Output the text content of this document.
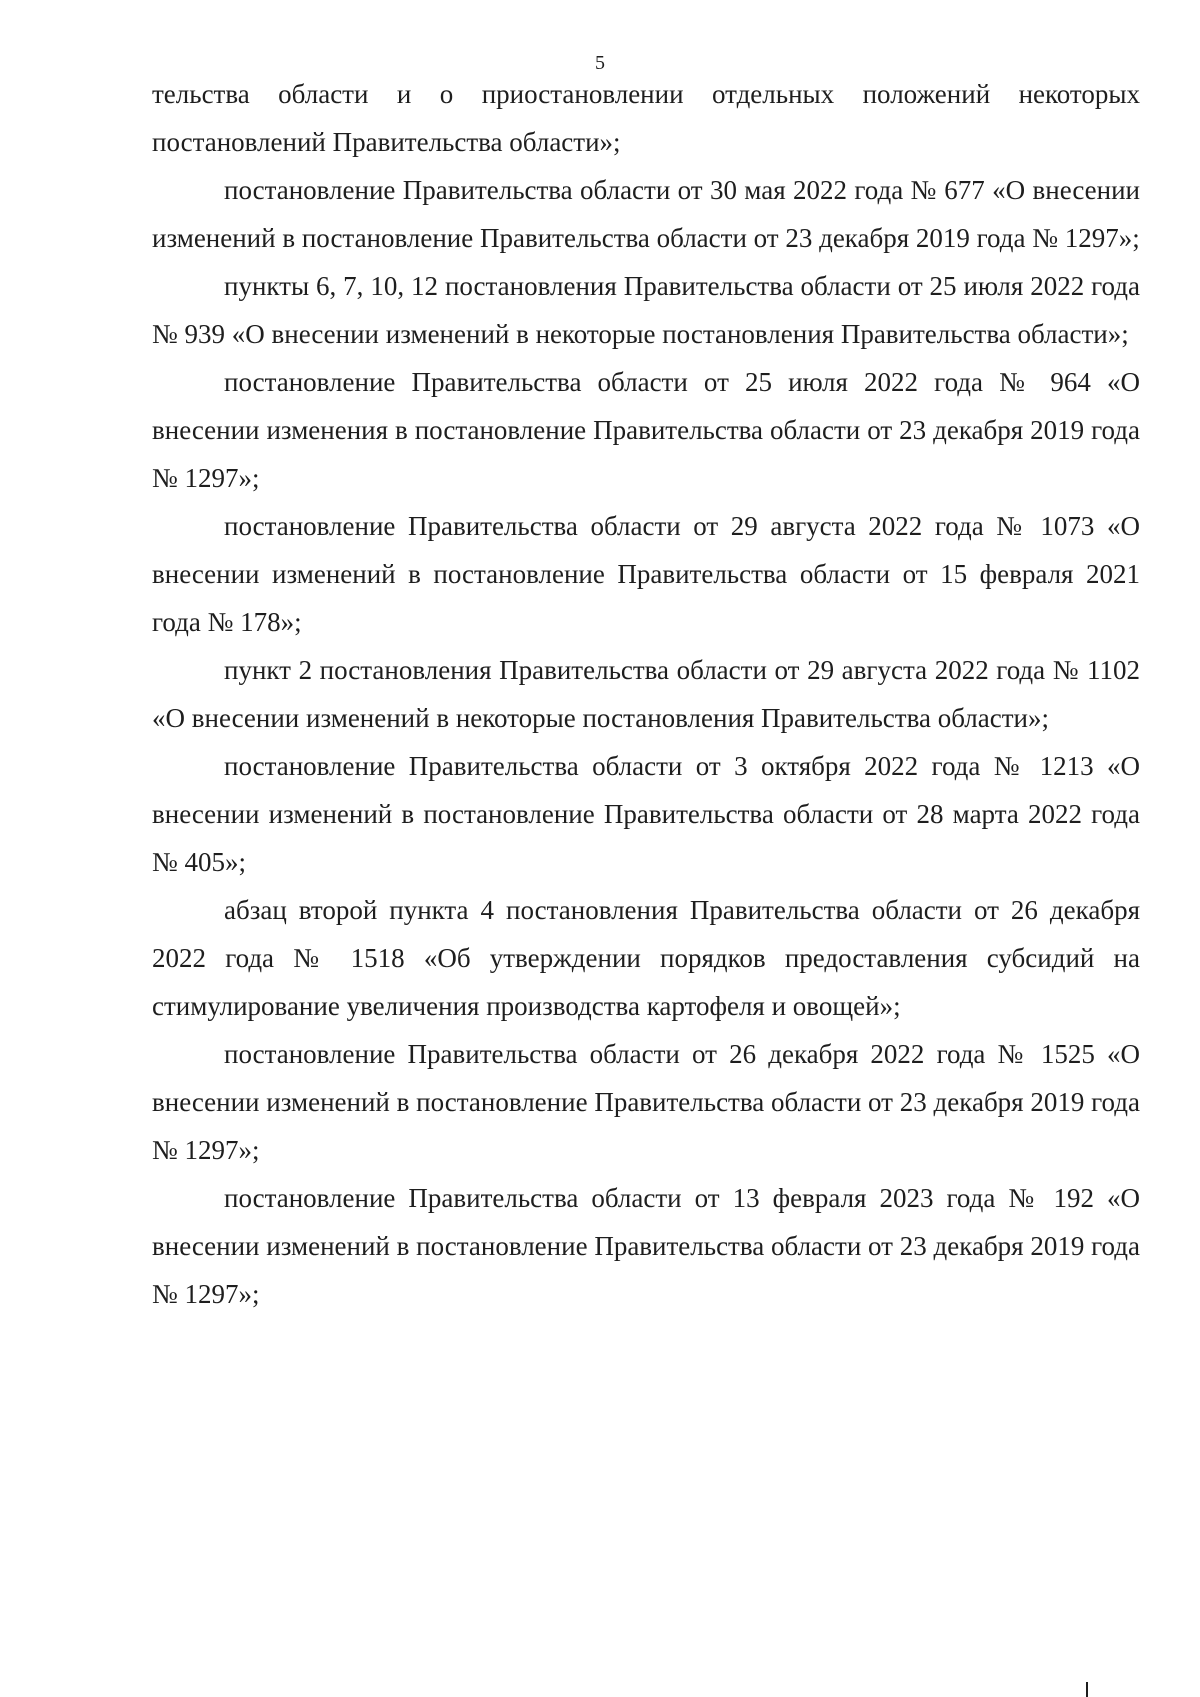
5

тельства области и о приостановлении отдельных положений некоторых постановлений Правительства области»;

постановление Правительства области от 30 мая 2022 года № 677 «О внесении изменений в постановление Правительства области от 23 декабря 2019 года № 1297»;

пункты 6, 7, 10, 12 постановления Правительства области от 25 июля 2022 года № 939 «О внесении изменений в некоторые постановления Правительства области»;

постановление Правительства области от 25 июля 2022 года № 964 «О внесении изменения в постановление Правительства области от 23 декабря 2019 года № 1297»;

постановление Правительства области от 29 августа 2022 года № 1073 «О внесении изменений в постановление Правительства области от 15 февраля 2021 года № 178»;

пункт 2 постановления Правительства области от 29 августа 2022 года № 1102 «О внесении изменений в некоторые постановления Правительства области»;

постановление Правительства области от 3 октября 2022 года № 1213 «О внесении изменений в постановление Правительства области от 28 марта 2022 года № 405»;

абзац второй пункта 4 постановления Правительства области от 26 декабря 2022 года № 1518 «Об утверждении порядков предоставления субсидий на стимулирование увеличения производства картофеля и овощей»;

постановление Правительства области от 26 декабря 2022 года № 1525 «О внесении изменений в постановление Правительства области от 23 декабря 2019 года № 1297»;

постановление Правительства области от 13 февраля 2023 года № 192 «О внесении изменений в постановление Правительства области от 23 декабря 2019 года № 1297»;
